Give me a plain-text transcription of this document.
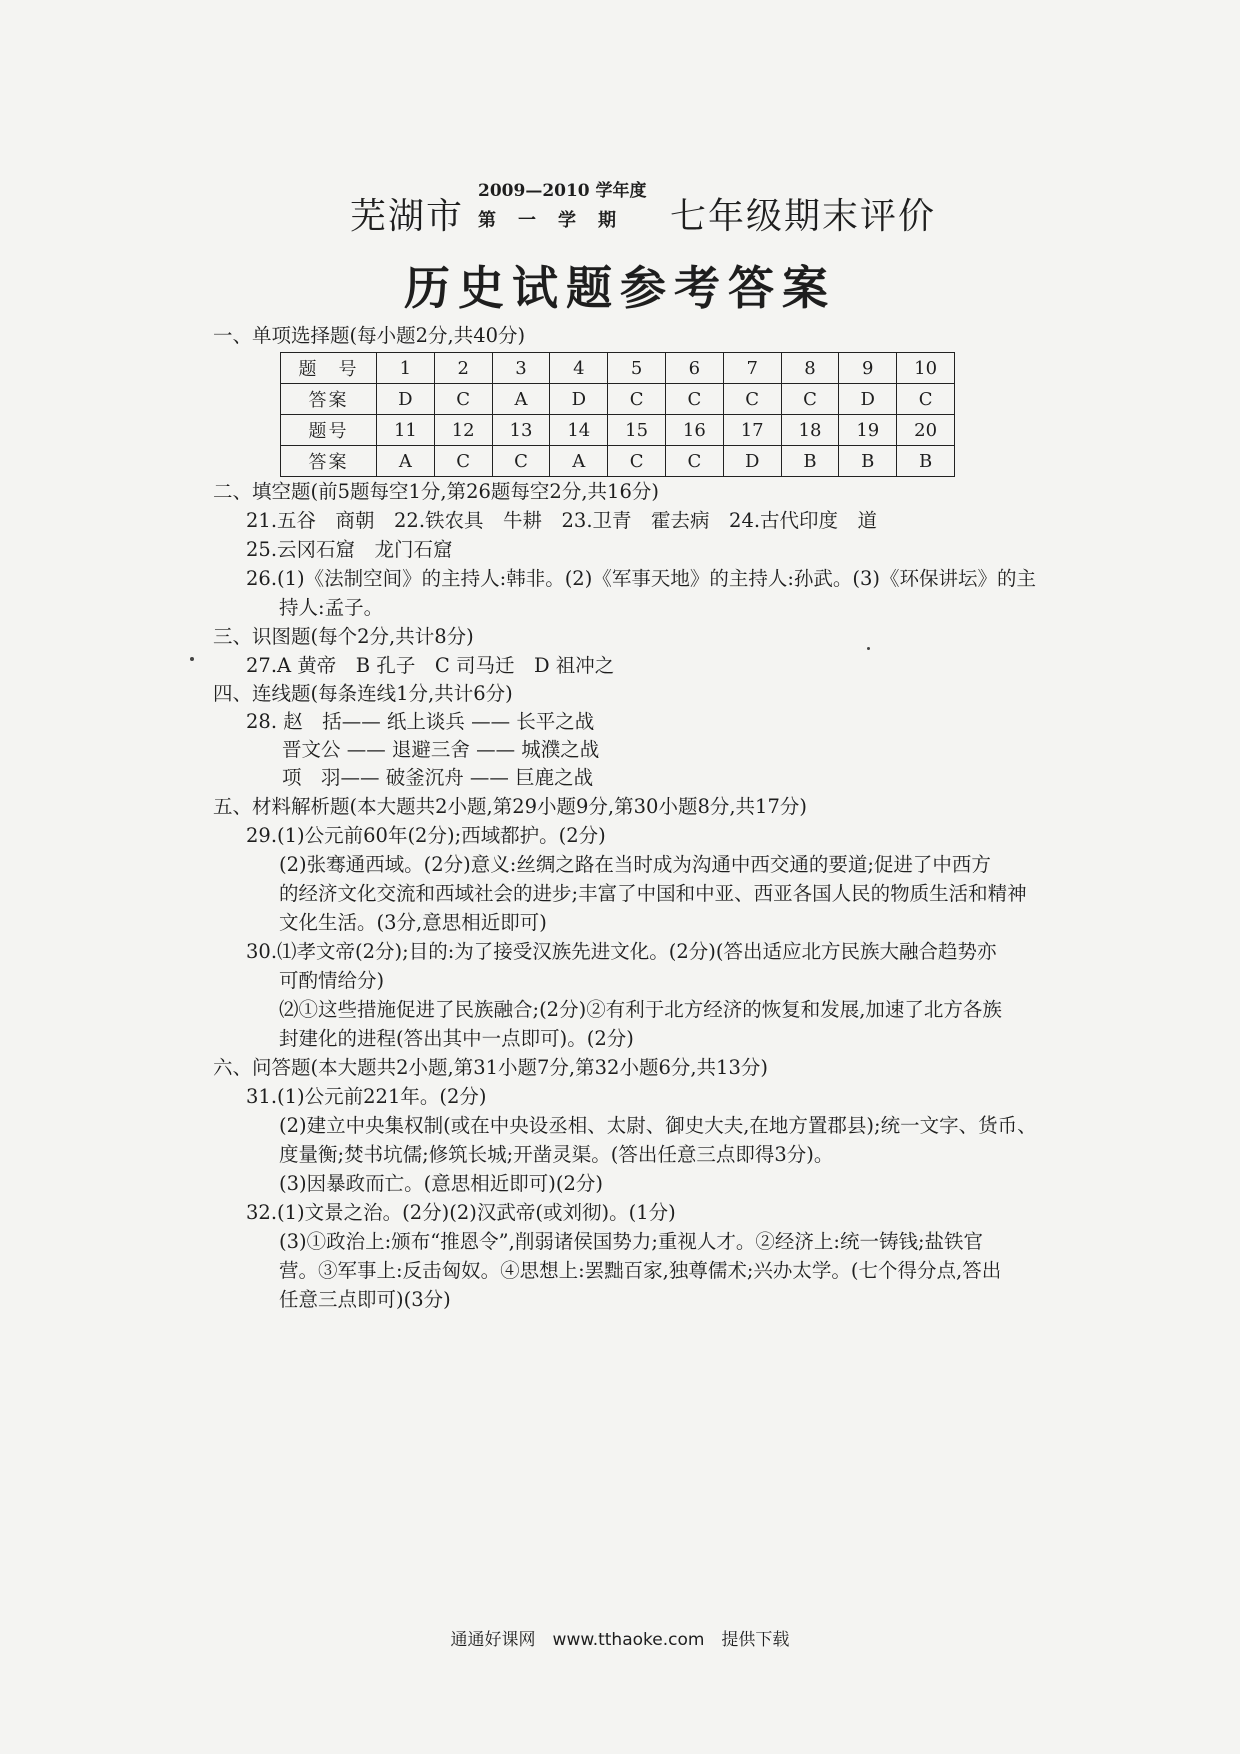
芜湖市
2009—2010 学年度
第一学期 七年级期末评价
历史试题参考答案
一、单项选择题(每小题2分,共40分)
题　号	1	2	3	4	5	6	7	8	9	10
答案	D	C	A	D	C	C	C	C	D	C
题号	11	12	13	14	15	16	17	18	19	20
答案	A	C	C	A	C	C	D	B	B	B
二、填空题(前5题每空1分,第26题每空2分,共16分)
21.五谷　商朝　22.铁农具　牛耕　23.卫青　霍去病　24.古代印度　道
25.云冈石窟　龙门石窟
26.(1)《法制空间》的主持人:韩非。(2)《军事天地》的主持人:孙武。(3)《环保讲坛》的主
持人:孟子。
三、识图题(每个2分,共计8分)
27.A 黄帝　B 孔子　C 司马迁　D 祖冲之
四、连线题(每条连线1分,共计6分)
28. 赵　括—— 纸上谈兵 —— 长平之战
晋文公 —— 退避三舍 —— 城濮之战
项　羽—— 破釜沉舟 —— 巨鹿之战
五、材料解析题(本大题共2小题,第29小题9分,第30小题8分,共17分)
29.(1)公元前60年(2分);西域都护。(2分)
(2)张骞通西域。(2分)意义:丝绸之路在当时成为沟通中西交通的要道;促进了中西方
的经济文化交流和西域社会的进步;丰富了中国和中亚、西亚各国人民的物质生活和精神
文化生活。(3分,意思相近即可)
30.⑴孝文帝(2分);目的:为了接受汉族先进文化。(2分)(答出适应北方民族大融合趋势亦
可酌情给分)
⑵①这些措施促进了民族融合;(2分)②有利于北方经济的恢复和发展,加速了北方各族
封建化的进程(答出其中一点即可)。(2分)
六、问答题(本大题共2小题,第31小题7分,第32小题6分,共13分)
31.(1)公元前221年。(2分)
(2)建立中央集权制(或在中央设丞相、太尉、御史大夫,在地方置郡县);统一文字、货币、
度量衡;焚书坑儒;修筑长城;开凿灵渠。(答出任意三点即得3分)。
(3)因暴政而亡。(意思相近即可)(2分)
32.(1)文景之治。(2分)(2)汉武帝(或刘彻)。(1分)
(3)①政治上:颁布“推恩令”,削弱诸侯国势力;重视人才。②经济上:统一铸钱;盐铁官
营。③军事上:反击匈奴。④思想上:罢黜百家,独尊儒术;兴办太学。(七个得分点,答出
任意三点即可)(3分)
通通好课网　www.tthaoke.com　提供下载
